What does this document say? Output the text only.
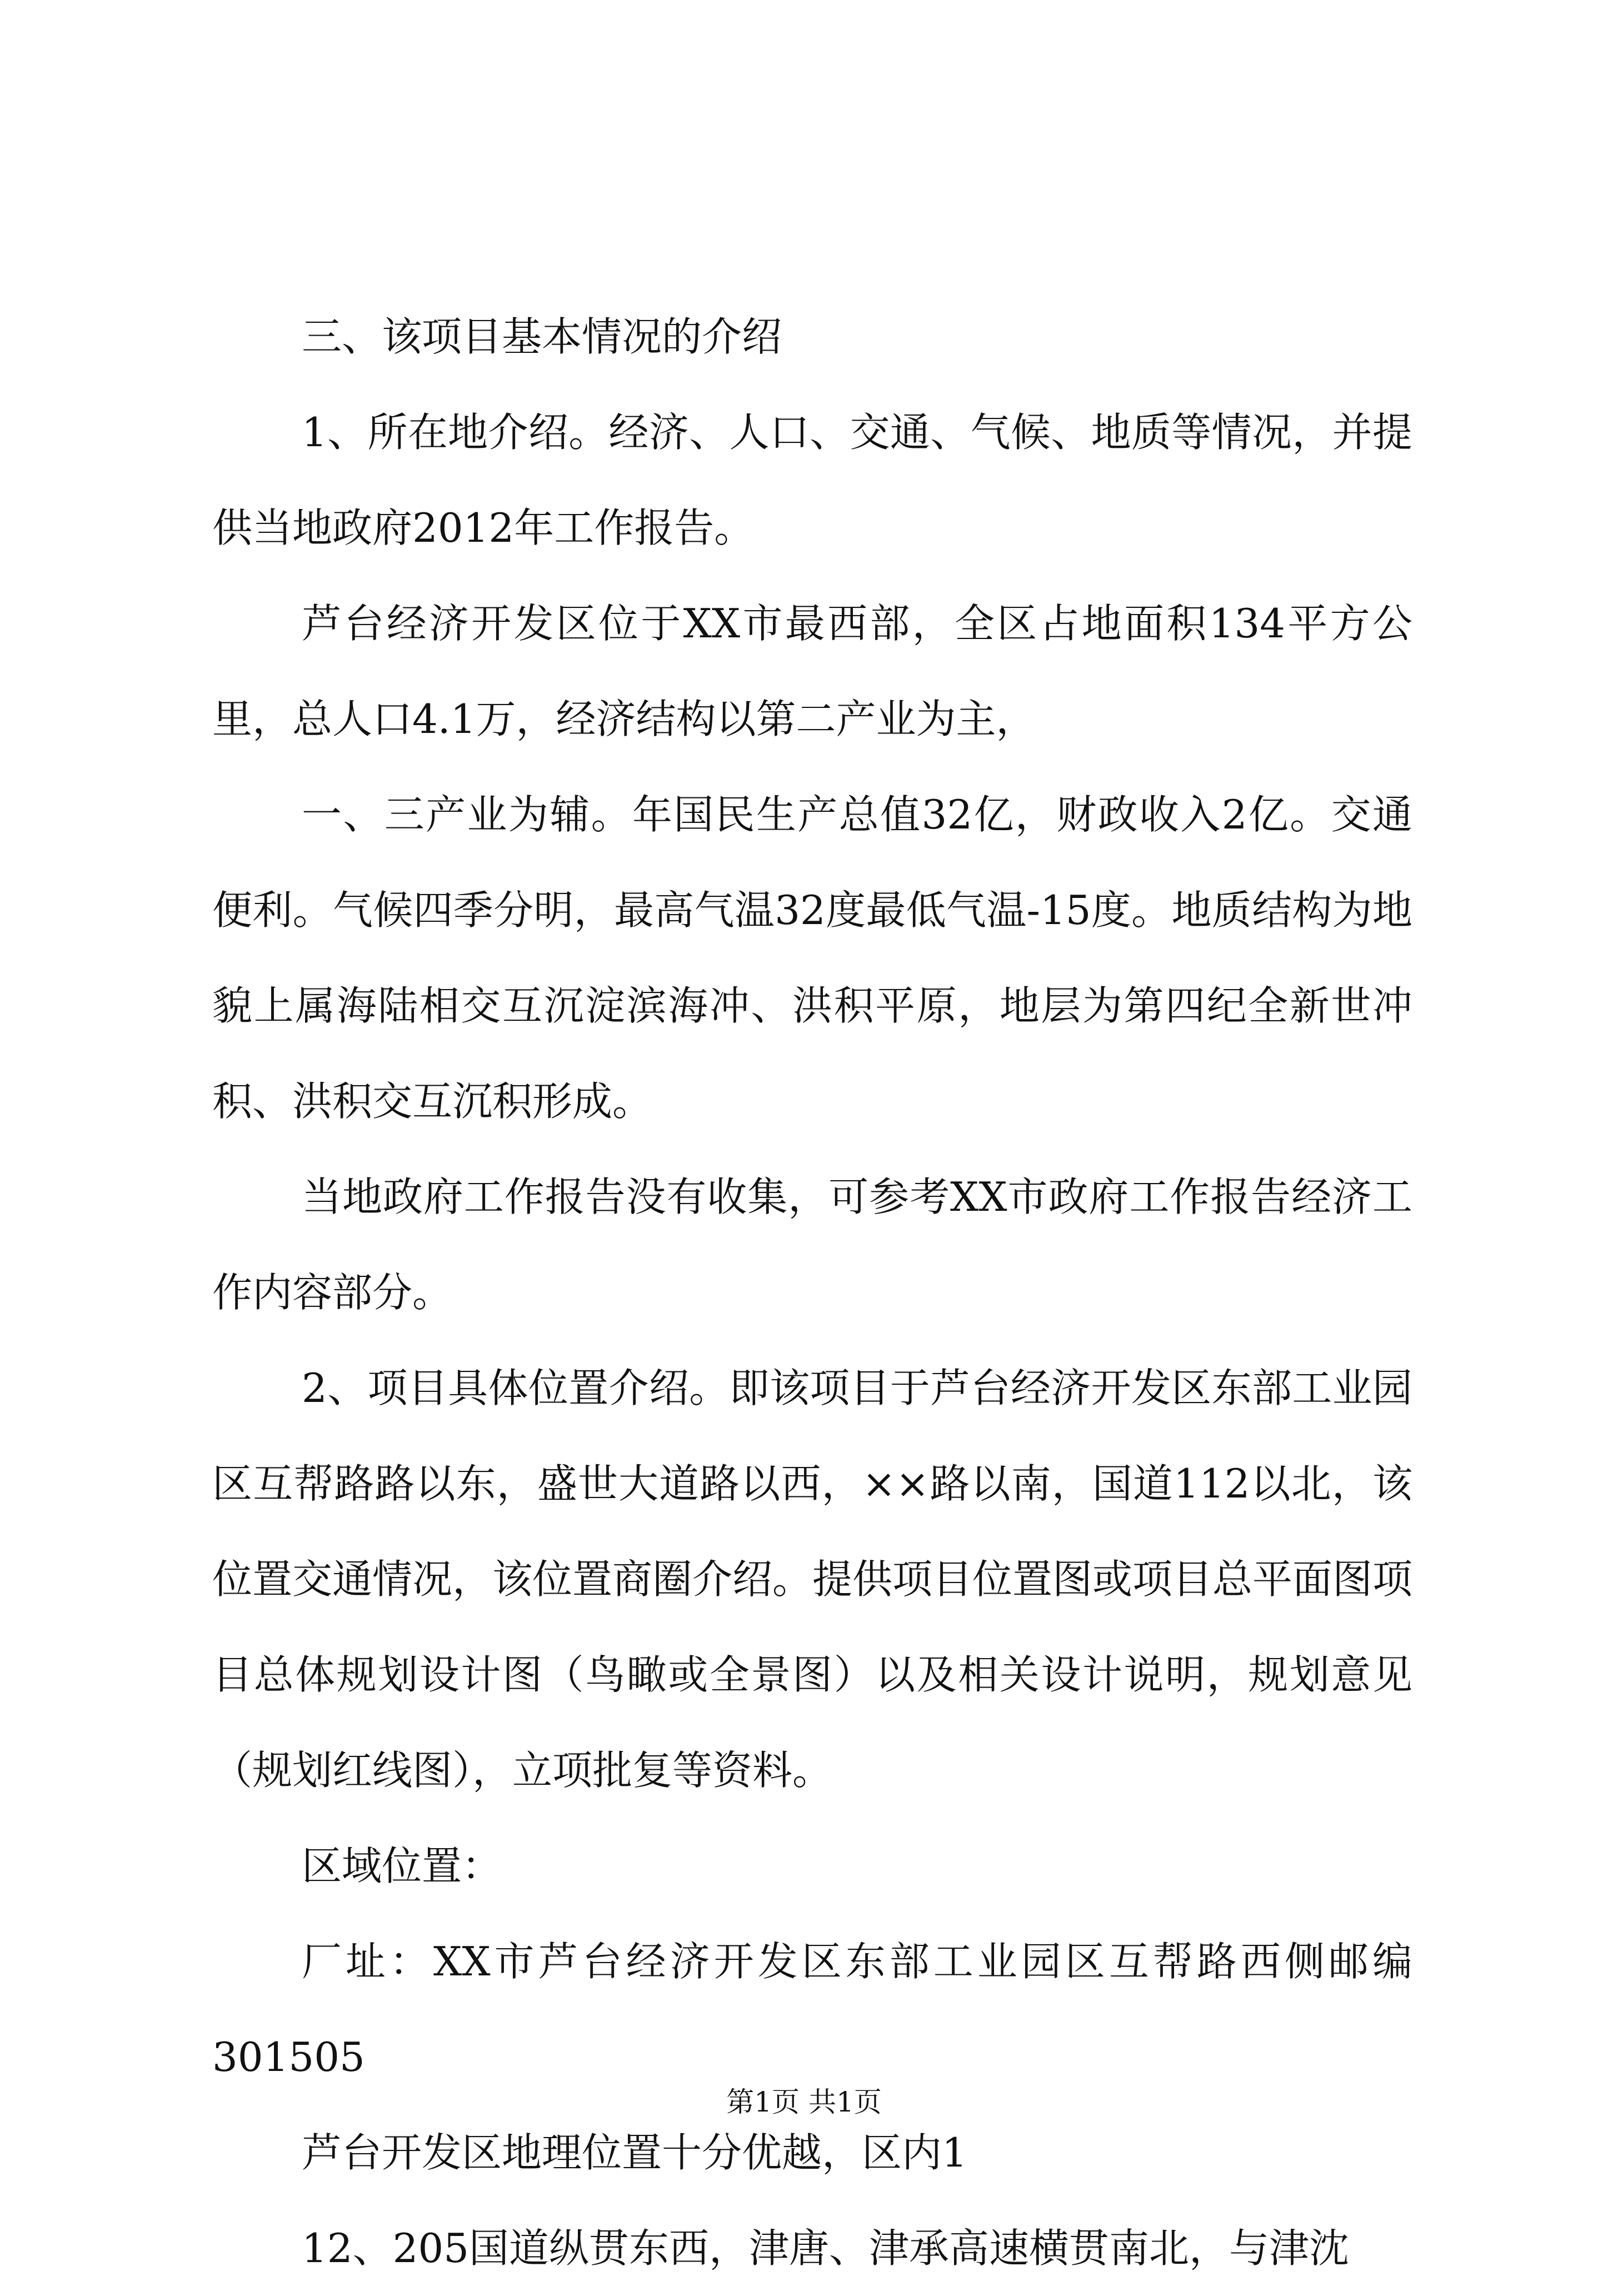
三、该项目基本情况的介绍

1、所在地介绍。经济、人口、交通、气候、地质等情况，并提供当地政府2012年工作报告。

芦台经济开发区位于XX市最西部，全区占地面积134平方公里，总人口4.1万，经济结构以第二产业为主，

一、三产业为辅。年国民生产总值32亿，财政收入2亿。交通便利。气候四季分明，最高气温32度最低气温-15度。地质结构为地貌上属海陆相交互沉淀滨海冲、洪积平原，地层为第四纪全新世冲积、洪积交互沉积形成。

当地政府工作报告没有收集，可参考XX市政府工作报告经济工作内容部分。

2、项目具体位置介绍。即该项目于芦台经济开发区东部工业园区互帮路路以东，盛世大道路以西，××路以南，国道112以北，该位置交通情况，该位置商圈介绍。提供项目位置图或项目总平面图项目总体规划设计图（鸟瞰或全景图）以及相关设计说明，规划意见（规划红线图），立项批复等资料。

区域位置：

厂址：XX市芦台经济开发区东部工业园区互帮路西侧邮编301505

芦台开发区地理位置十分优越，区内1

12、205国道纵贯东西，津唐、津承高速横贯南北，与津沈

第1页 共1页
